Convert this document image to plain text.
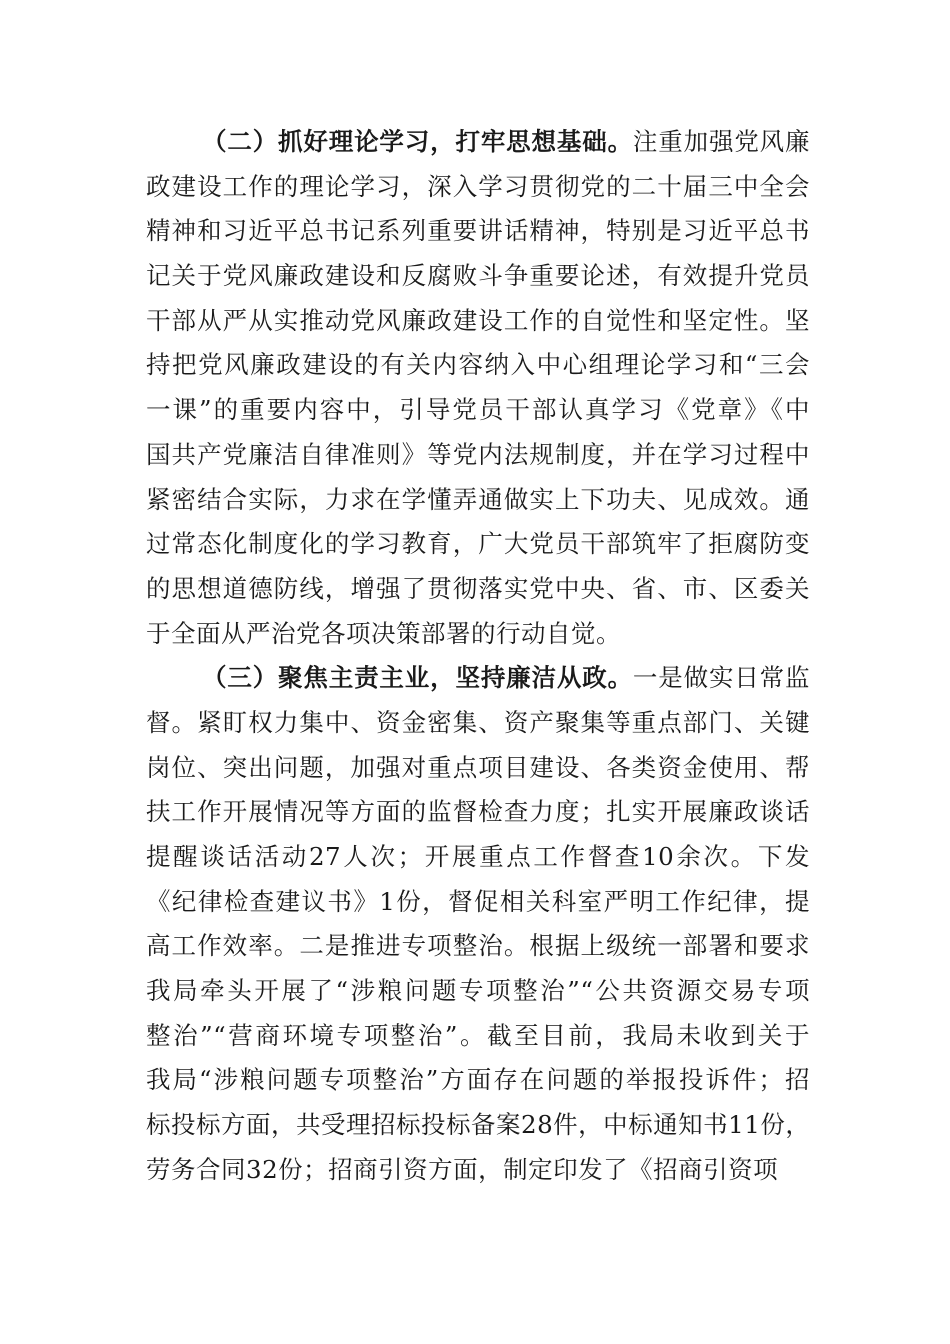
（二）抓好理论学习，打牢思想基础。注重加强党风廉
政建设工作的理论学习，深入学习贯彻党的二十届三中全会
精神和习近平总书记系列重要讲话精神，特别是习近平总书
记关于党风廉政建设和反腐败斗争重要论述，有效提升党员
干部从严从实推动党风廉政建设工作的自觉性和坚定性。坚
持把党风廉政建设的有关内容纳入中心组理论学习和“三会
一课”的重要内容中，引导党员干部认真学习《党章》《中
国共产党廉洁自律准则》等党内法规制度，并在学习过程中
紧密结合实际，力求在学懂弄通做实上下功夫、见成效。通
过常态化制度化的学习教育，广大党员干部筑牢了拒腐防变
的思想道德防线，增强了贯彻落实党中央、省、市、区委关
于全面从严治党各项决策部署的行动自觉。
（三）聚焦主责主业，坚持廉洁从政。一是做实日常监
督。紧盯权力集中、资金密集、资产聚集等重点部门、关键
岗位、突出问题，加强对重点项目建设、各类资金使用、帮
扶工作开展情况等方面的监督检查力度；扎实开展廉政谈话
提醒谈话活动27人次；开展重点工作督查10余次。下发
《纪律检查建议书》1份，督促相关科室严明工作纪律，提
高工作效率。二是推进专项整治。根据上级统一部署和要求
我局牵头开展了“涉粮问题专项整治”“公共资源交易专项
整治”“营商环境专项整治”。截至目前，我局未收到关于
我局“涉粮问题专项整治”方面存在问题的举报投诉件；招
标投标方面，共受理招标投标备案28件，中标通知书11份，
劳务合同32份；招商引资方面，制定印发了《招商引资项
